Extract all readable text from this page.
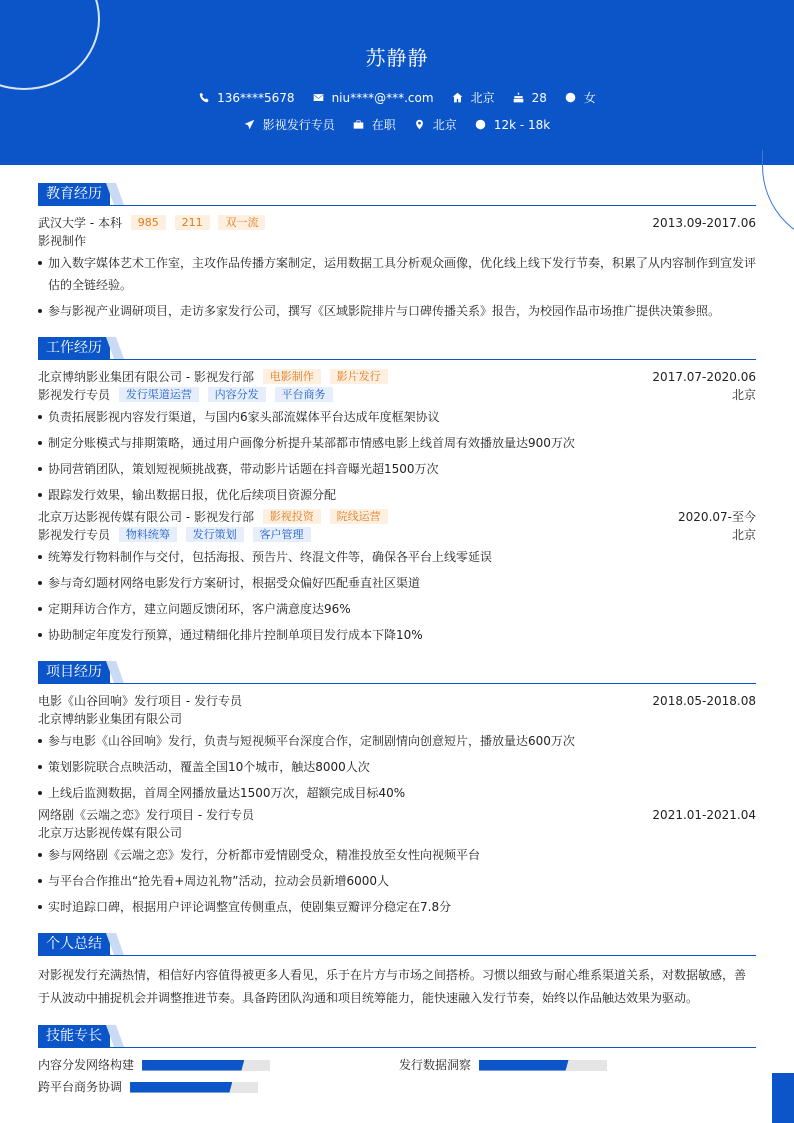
苏静静
136****5678	niu****@***.com	北京	28	女
影视发行专员	在职	北京	12k - 18k
教育经历
武汉大学 - 本科 985 211 双一流	2013.09-2017.06
影视制作
加入数字媒体艺术工作室，主攻作品传播方案制定，运用数据工具分析观众画像，优化线上线下发行节奏，积累了从内容制作到宣发评估的全链经验。
参与影视产业调研项目，走访多家发行公司，撰写《区域影院排片与口碑传播关系》报告，为校园作品市场推广提供决策参照。
工作经历
北京博纳影业集团有限公司 - 影视发行部 电影制作 影片发行	2017.07-2020.06
影视发行专员 发行渠道运营 内容分发 平台商务	北京
负责拓展影视内容发行渠道，与国内6家头部流媒体平台达成年度框架协议
制定分账模式与排期策略，通过用户画像分析提升某部都市情感电影上线首周有效播放量达900万次
协同营销团队，策划短视频挑战赛，带动影片话题在抖音曝光超1500万次
跟踪发行效果，输出数据日报，优化后续项目资源分配
北京万达影视传媒有限公司 - 影视发行部 影视投资 院线运营	2020.07-至今
影视发行专员 物料统筹 发行策划 客户管理	北京
统筹发行物料制作与交付，包括海报、预告片、终混文件等，确保各平台上线零延误
参与奇幻题材网络电影发行方案研讨，根据受众偏好匹配垂直社区渠道
定期拜访合作方，建立问题反馈闭环，客户满意度达96%
协助制定年度发行预算，通过精细化排片控制单项目发行成本下降10%
项目经历
电影《山谷回响》发行项目 - 发行专员	2018.05-2018.08
北京博纳影业集团有限公司
参与电影《山谷回响》发行，负责与短视频平台深度合作，定制剧情向创意短片，播放量达600万次
策划影院联合点映活动，覆盖全国10个城市，触达8000人次
上线后监测数据，首周全网播放量达1500万次，超额完成目标40%
网络剧《云端之恋》发行项目 - 发行专员	2021.01-2021.04
北京万达影视传媒有限公司
参与网络剧《云端之恋》发行，分析都市爱情剧受众，精准投放至女性向视频平台
与平台合作推出“抢先看+周边礼物”活动，拉动会员新增6000人
实时追踪口碑，根据用户评论调整宣传侧重点，使剧集豆瓣评分稳定在7.8分
个人总结
对影视发行充满热情，相信好内容值得被更多人看见，乐于在片方与市场之间搭桥。习惯以细致与耐心维系渠道关系，对数据敏感，善于从波动中捕捉机会并调整推进节奏。具备跨团队沟通和项目统筹能力，能快速融入发行节奏，始终以作品触达效果为驱动。
技能专长
内容分发网络构建	发行数据洞察
跨平台商务协调
